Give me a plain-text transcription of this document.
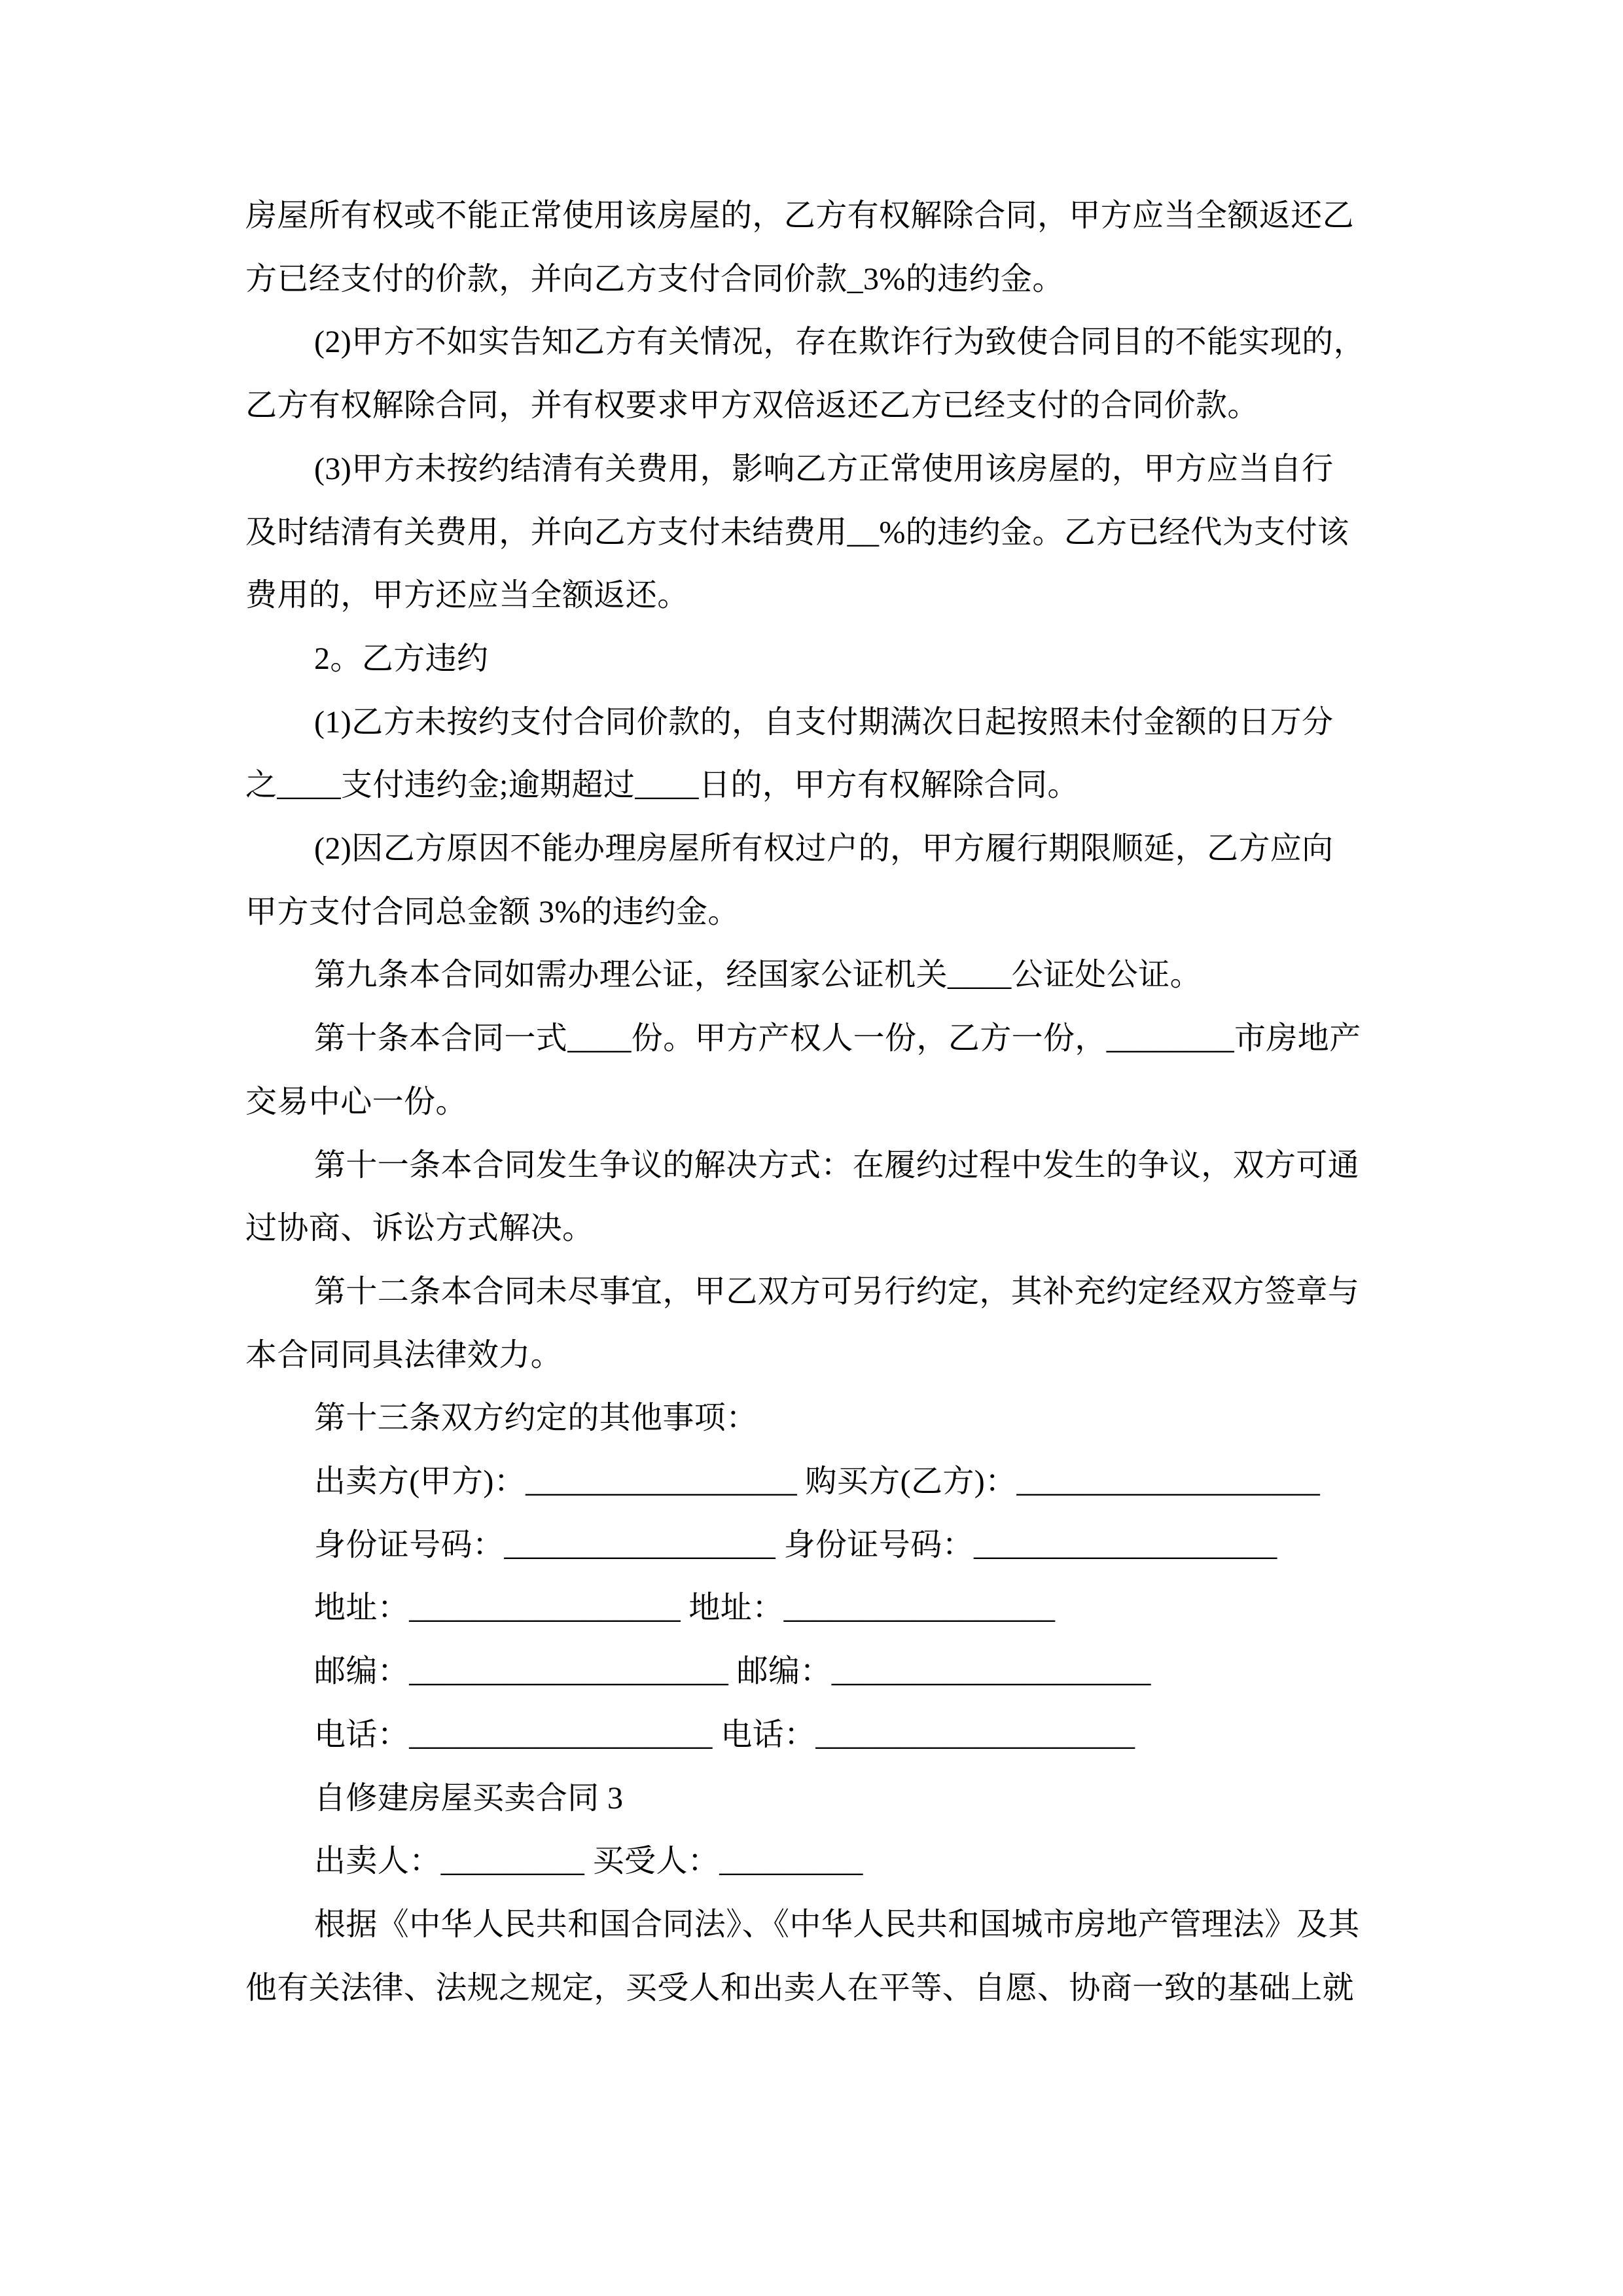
房屋所有权或不能正常使用该房屋的，乙方有权解除合同，甲方应当全额返还乙
方已经支付的价款，并向乙方支付合同价款_3%的违约金。
(2)甲方不如实告知乙方有关情况，存在欺诈行为致使合同目的不能实现的，
乙方有权解除合同，并有权要求甲方双倍返还乙方已经支付的合同价款。
(3)甲方未按约结清有关费用，影响乙方正常使用该房屋的，甲方应当自行
及时结清有关费用，并向乙方支付未结费用__%的违约金。乙方已经代为支付该
费用的，甲方还应当全额返还。
2。乙方违约
(1)乙方未按约支付合同价款的，自支付期满次日起按照未付金额的日万分
之____支付违约金;逾期超过____日的，甲方有权解除合同。
(2)因乙方原因不能办理房屋所有权过户的，甲方履行期限顺延，乙方应向
甲方支付合同总金额 3%的违约金。
第九条本合同如需办理公证，经国家公证机关____公证处公证。
第十条本合同一式____份。甲方产权人一份，乙方一份，________市房地产
交易中心一份。
第十一条本合同发生争议的解决方式：在履约过程中发生的争议，双方可通
过协商、诉讼方式解决。
第十二条本合同未尽事宜，甲乙双方可另行约定，其补充约定经双方签章与
本合同同具法律效力。
第十三条双方约定的其他事项：
出卖方(甲方)：_________________ 购买方(乙方)：___________________
身份证号码：_________________ 身份证号码：___________________
地址：_________________ 地址：_________________
邮编：____________________ 邮编：____________________
电话：___________________ 电话：____________________
自修建房屋买卖合同 3
出卖人：_________ 买受人：_________
根据《中华人民共和国合同法》、《中华人民共和国城市房地产管理法》及其
他有关法律、法规之规定，买受人和出卖人在平等、自愿、协商一致的基础上就
